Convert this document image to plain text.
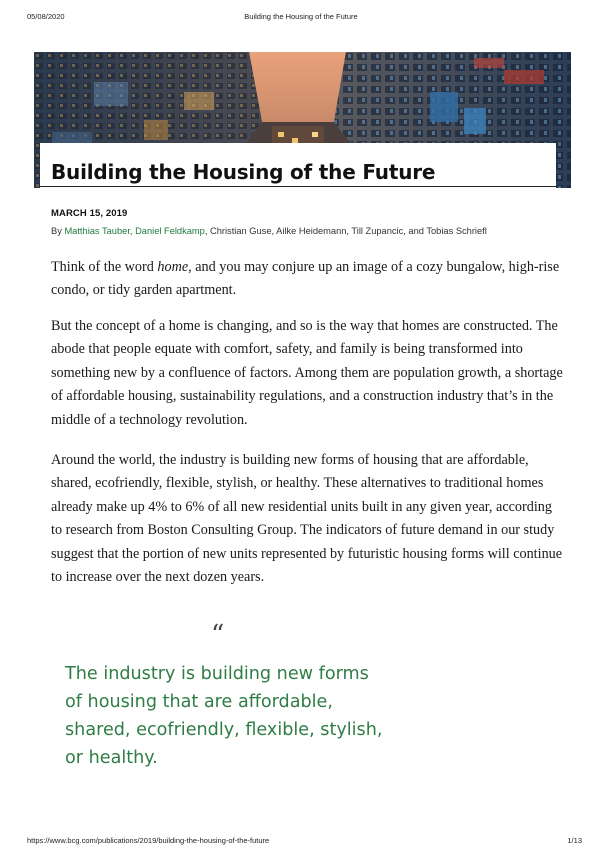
05/08/2020	Building the Housing of the Future
Building the Housing of the Future
MARCH 15, 2019
By Matthias Tauber, Daniel Feldkamp, Christian Guse, Ailke Heidemann, Till Zupancic, and Tobias Schriefl

Think of the word home, and you may conjure up an image of a cozy bungalow, high-rise condo, or tidy garden apartment.

But the concept of a home is changing, and so is the way that homes are constructed. The abode that people equate with comfort, safety, and family is being transformed into something new by a confluence of factors. Among them are population growth, a shortage of affordable housing, sustainability regulations, and a construction industry that’s in the middle of a technology revolution.

Around the world, the industry is building new forms of housing that are affordable, shared, ecofriendly, flexible, stylish, or healthy. These alternatives to traditional homes already make up 4% to 6% of all new residential units built in any given year, according to research from Boston Consulting Group. The indicators of future demand in our study suggest that the portion of new units represented by futuristic housing forms will continue to increase over the next dozen years.

“

The industry is building new forms of housing that are affordable, shared, ecofriendly, flexible, stylish, or healthy.

https://www.bcg.com/publications/2019/building-the-housing-of-the-future	1/13
